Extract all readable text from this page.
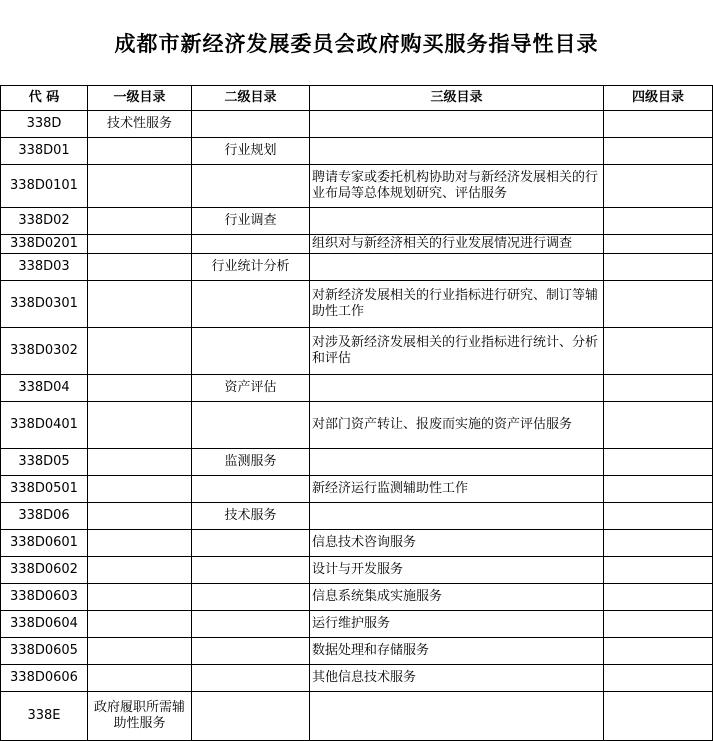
成都市新经济发展委员会政府购买服务指导性目录
代 码	一级目录	二级目录	三级目录	四级目录
338D	技术性服务			
338D01		行业规划		
338D0101			聘请专家或委托机构协助对与新经济发展相关的行业布局等总体规划研究、评估服务	
338D02		行业调查		
338D0201			组织对与新经济相关的行业发展情况进行调查	
338D03		行业统计分析		
338D0301			对新经济发展相关的行业指标进行研究、制订等辅助性工作	
338D0302			对涉及新经济发展相关的行业指标进行统计、分析和评估	
338D04		资产评估		
338D0401			对部门资产转让、报废而实施的资产评估服务	
338D05		监测服务		
338D0501			新经济运行监测辅助性工作	
338D06		技术服务		
338D0601			信息技术咨询服务	
338D0602			设计与开发服务	
338D0603			信息系统集成实施服务	
338D0604			运行维护服务	
338D0605			数据处理和存储服务	
338D0606			其他信息技术服务	
338E	政府履职所需辅助性服务			
